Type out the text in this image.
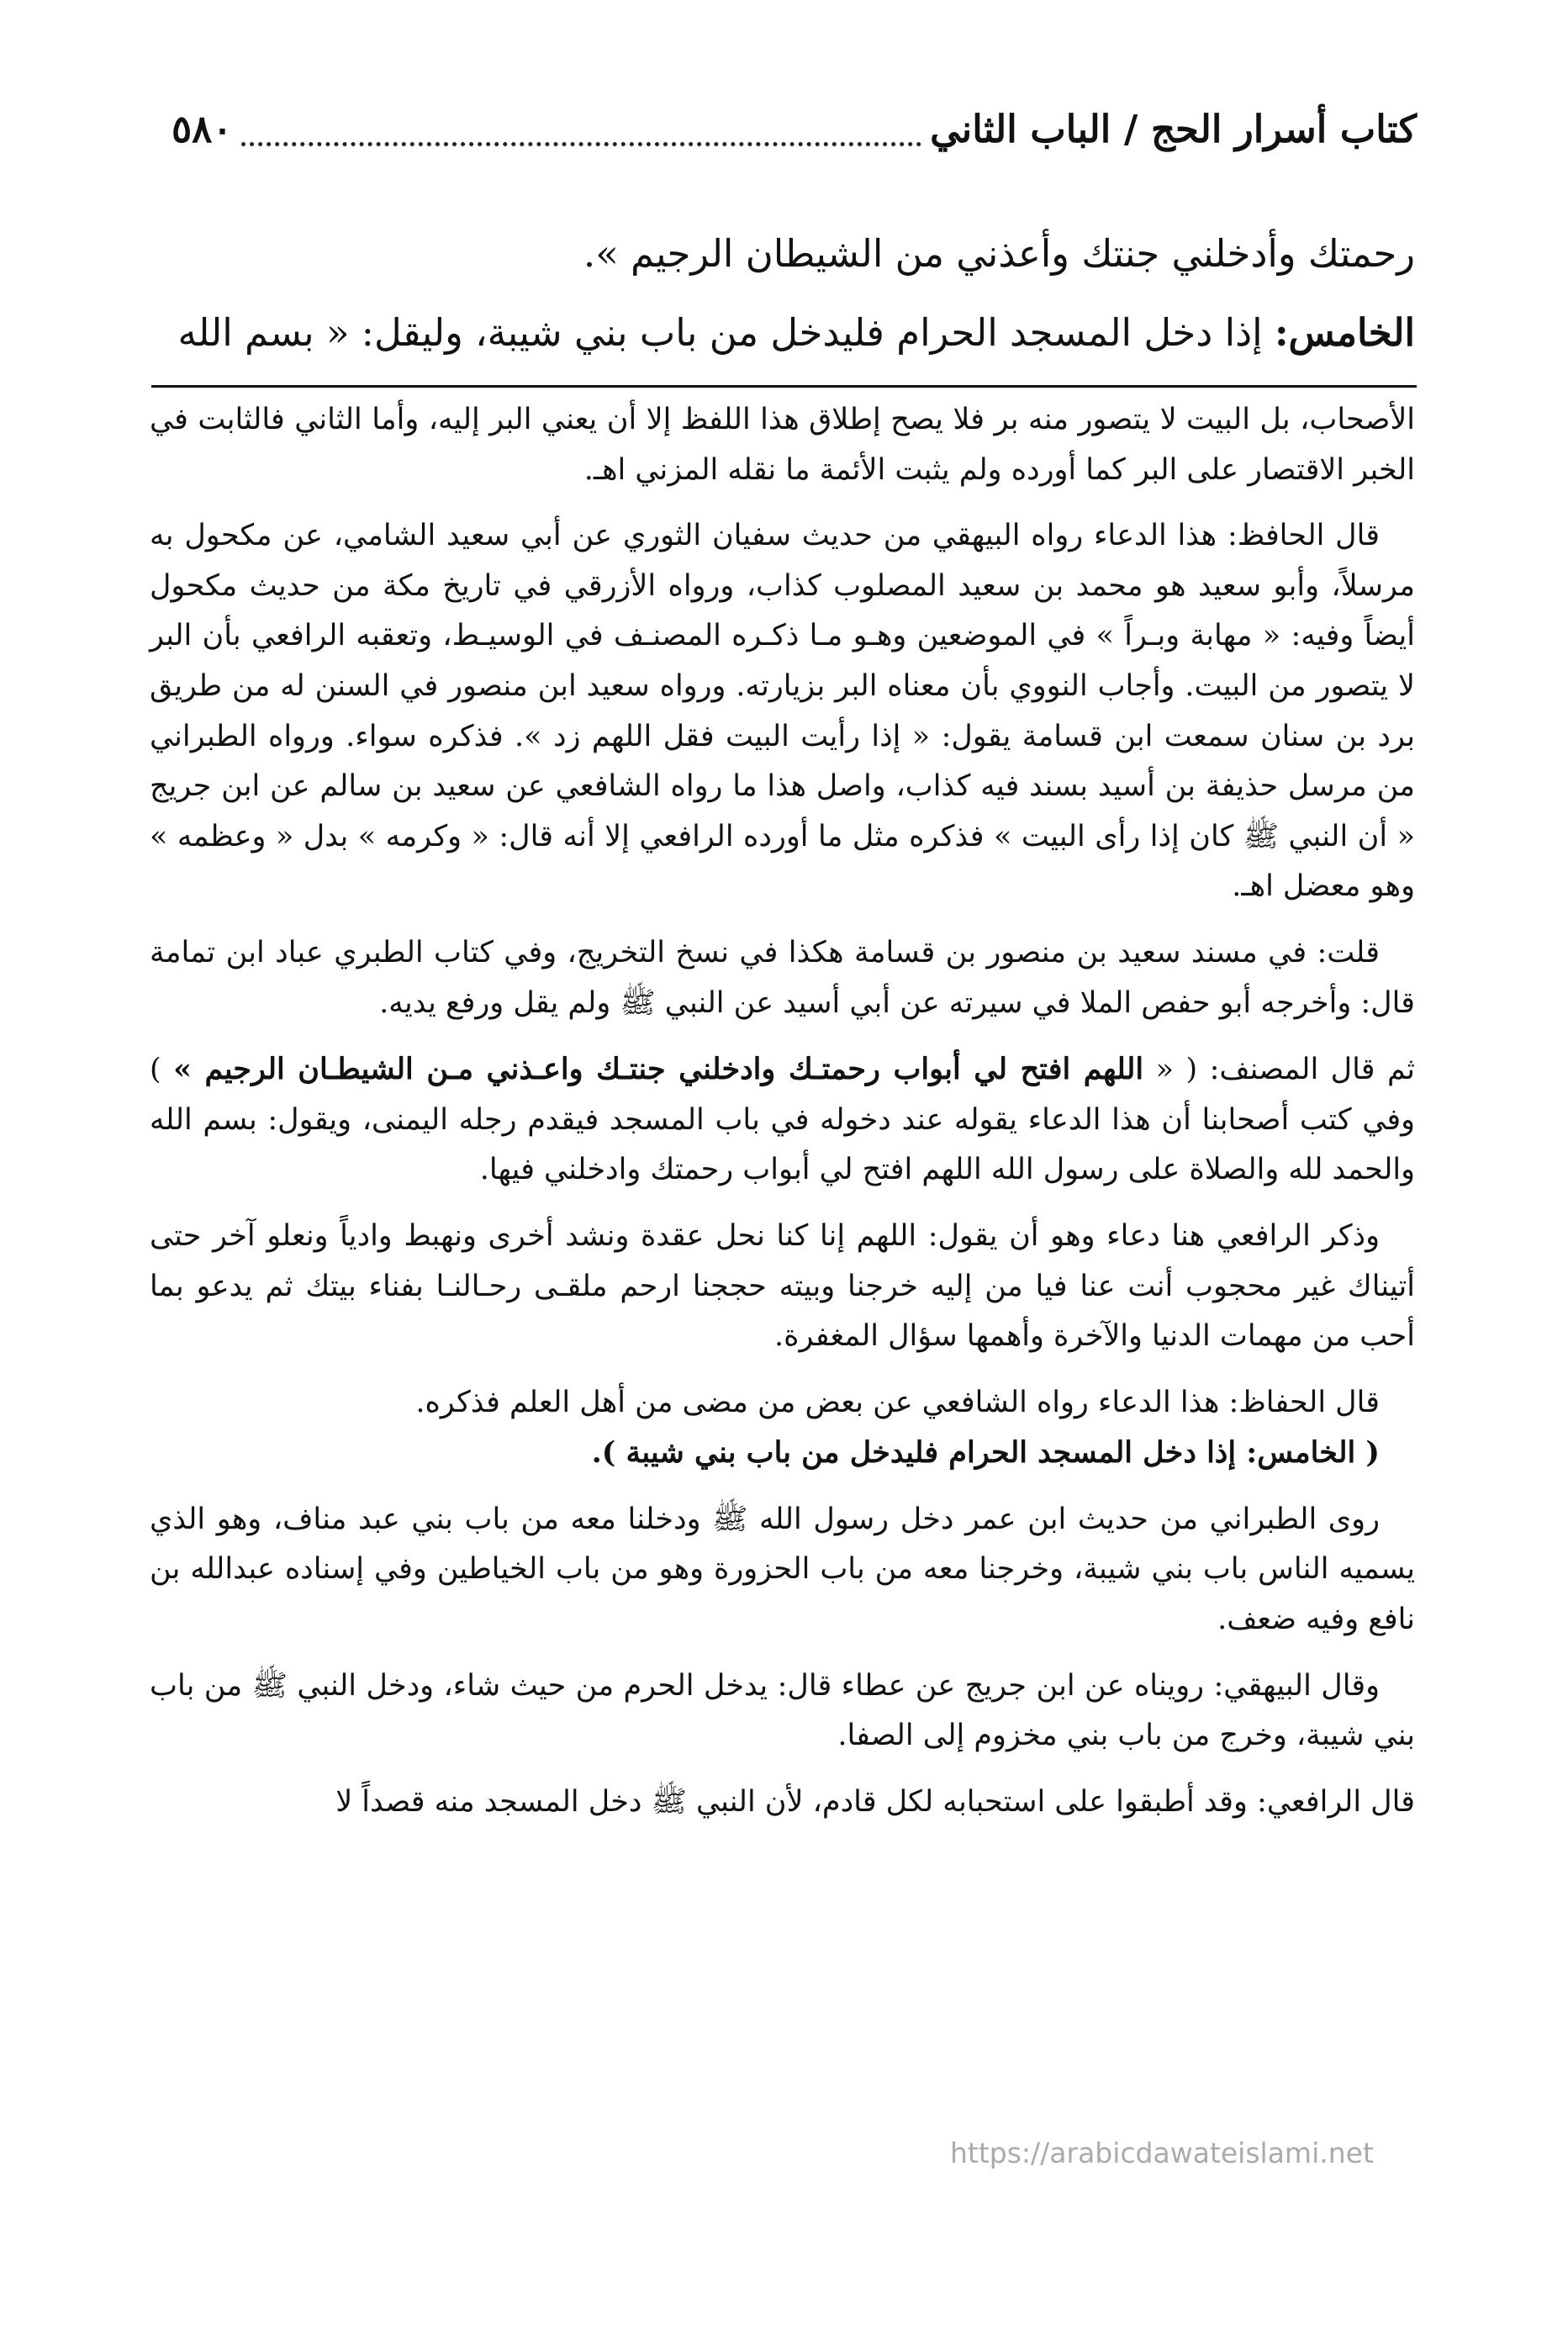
كتاب أسرار الحج / الباب الثاني
٥٨٠

رحمتك وأدخلني جنتك وأعذني من الشيطان الرجيم ».

الخامس: إذا دخل المسجد الحرام فليدخل من باب بني شيبة، وليقل: « بسم الله

الأصحاب، بل البيت لا يتصور منه بر فلا يصح إطلاق هذا اللفظ إلا أن يعني البر إليه، وأما الثاني فالثابت في الخبر الاقتصار على البر كما أورده ولم يثبت الأئمة ما نقله المزني اهـ.

قال الحافظ: هذا الدعاء رواه البيهقي من حديث سفيان الثوري عن أبي سعيد الشامي، عن مكحول به مرسلاً، وأبو سعيد هو محمد بن سعيد المصلوب كذاب، ورواه الأزرقي في تاريخ مكة من حديث مكحول أيضاً وفيه: « مهابة وبـراً » في الموضعين وهـو مـا ذكـره المصنـف في الوسيـط، وتعقبه الرافعي بأن البر لا يتصور من البيت. وأجاب النووي بأن معناه البر بزيارته. ورواه سعيد ابن منصور في السنن له من طريق برد بن سنان سمعت ابن قسامة يقول: « إذا رأيت البيت فقل اللهم زد ». فذكره سواء. ورواه الطبراني من مرسل حذيفة بن أسيد بسند فيه كذاب، واصل هذا ما رواه الشافعي عن سعيد بن سالم عن ابن جريج « أن النبي ﷺ كان إذا رأى البيت » فذكره مثل ما أورده الرافعي إلا أنه قال: « وكرمه » بدل « وعظمه » وهو معضل اهـ.

قلت: في مسند سعيد بن منصور بن قسامة هكذا في نسخ التخريج، وفي كتاب الطبري عباد ابن تمامة قال: وأخرجه أبو حفص الملا في سيرته عن أبي أسيد عن النبي ﷺ ولم يقل ورفع يديه.

ثم قال المصنف: ( « اللهم افتح لي أبواب رحمتـك وادخلني جنتـك واعـذني مـن الشيطـان الرجيم » ) وفي كتب أصحابنا أن هذا الدعاء يقوله عند دخوله في باب المسجد فيقدم رجله اليمنى، ويقول: بسم الله والحمد لله والصلاة على رسول الله اللهم افتح لي أبواب رحمتك وادخلني فيها.

وذكر الرافعي هنا دعاء وهو أن يقول: اللهم إنا كنا نحل عقدة ونشد أخرى ونهبط وادياً ونعلو آخر حتى أتيناك غير محجوب أنت عنا فيا من إليه خرجنا وبيته حججنا ارحم ملقـى رحـالنـا بفناء بيتك ثم يدعو بما أحب من مهمات الدنيا والآخرة وأهمها سؤال المغفرة.

قال الحفاظ: هذا الدعاء رواه الشافعي عن بعض من مضى من أهل العلم فذكره.

( الخامس: إذا دخل المسجد الحرام فليدخل من باب بني شيبة ).

روى الطبراني من حديث ابن عمر دخل رسول الله ﷺ ودخلنا معه من باب بني عبد مناف، وهو الذي يسميه الناس باب بني شيبة، وخرجنا معه من باب الحزورة وهو من باب الخياطين وفي إسناده عبدالله بن نافع وفيه ضعف.

وقال البيهقي: رويناه عن ابن جريج عن عطاء قال: يدخل الحرم من حيث شاء، ودخل النبي ﷺ من باب بني شيبة، وخرج من باب بني مخزوم إلى الصفا.

قال الرافعي: وقد أطبقوا على استحبابه لكل قادم، لأن النبي ﷺ دخل المسجد منه قصداً لا

https://arabicdawateislami.net
